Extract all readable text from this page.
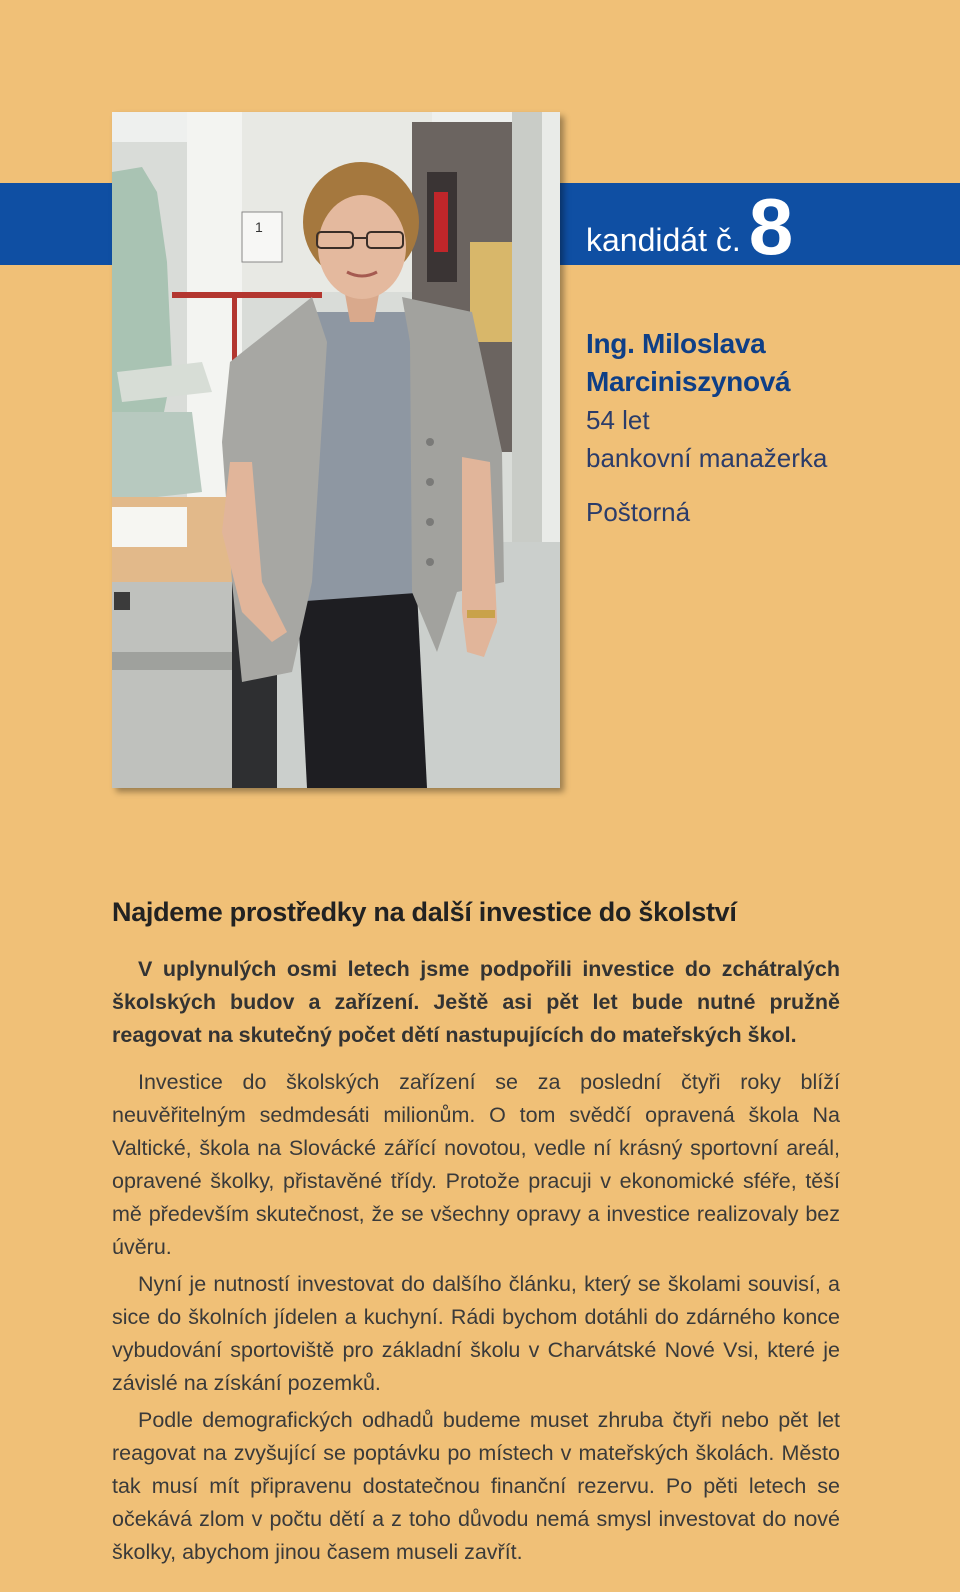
kandidát č. 8
1
Ing. Miloslava
Marciniszynová
54 let
bankovní manažerka
Poštorná
Najdeme prostředky na další investice do školství

V uplynulých osmi letech jsme podpořili investice do zchátralých školských budov a zařízení. Ještě asi pět let bude nutné pružně reagovat na skutečný počet dětí nastupujících do mateřských škol.

Investice do školských zařízení se za poslední čtyři roky blíží neuvěřitelným sedmdesáti milionům. O tom svědčí opravená škola Na Valtické, škola na Slovácké zářící novotou, vedle ní krásný sportovní areál, opravené školky, přistavěné třídy. Protože pracuji v ekonomické sféře, těší mě především skutečnost, že se všechny opravy a investice realizovaly bez úvěru.

Nyní je nutností investovat do dalšího článku, který se školami souvisí, a sice do školních jídelen a kuchyní. Rádi bychom dotáhli do zdárného konce vybudování sportoviště pro základní školu v Charvátské Nové Vsi, které je závislé na získání pozemků.

Podle demografických odhadů budeme muset zhruba čtyři nebo pět let reagovat na zvyšující se poptávku po místech v mateřských školách. Město tak musí mít připravenu dostatečnou finanční rezervu. Po pěti letech se očekává zlom v počtu dětí a z toho důvodu nemá smysl investovat do nové školky, abychom jinou časem museli zavřít.
